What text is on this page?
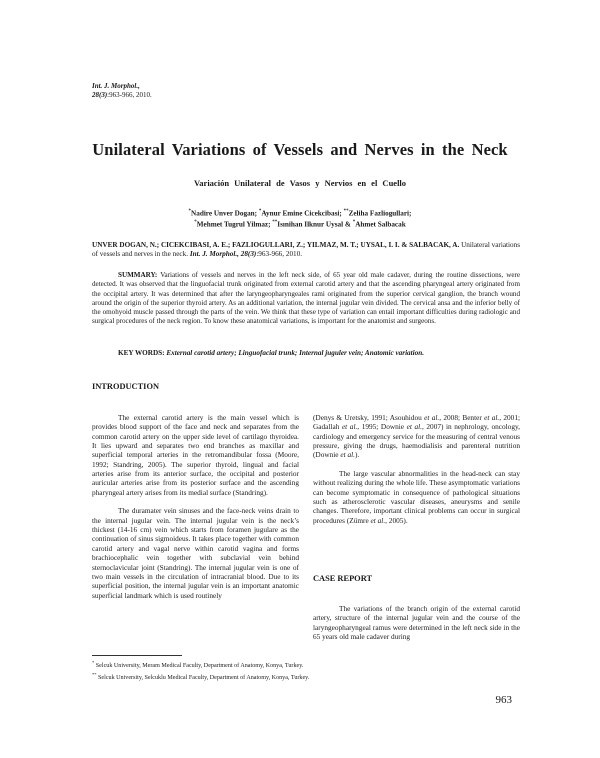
Int. J. Morphol.,
28(3):963-966, 2010.
Unilateral Variations of Vessels and Nerves in the Neck
Variación Unilateral de Vasos y Nervios en el Cuello
*Nadire Unver Dogan; *Aynur Emine Cicekcibasi; **Zeliha Fazliogullari;
*Mehmet Tugrul Yilmaz; **Isınihan Ilknur Uysal & *Ahmet Salbacak
UNVER DOGAN, N.; CICEKCIBASI, A. E.; FAZLIOGULLARI, Z.; YILMAZ, M. T.; UYSAL, I. I. & SALBACAK, A. Unilateral variations of vessels and nerves in the neck. Int. J. Morphol., 28(3):963-966, 2010.
SUMMARY: Variations of vessels and nerves in the left neck side, of 65 year old male cadaver, during the routine dissections, were detected. It was observed that the linguofacial trunk originated from external carotid artery and that the ascending pharyngeal artery originated from the occipital artery. It was determined that after the laryngeopharyngeales rami originated from the superior cervical ganglion, the branch wound around the origin of the superior thyroid artery. As an additional variation, the internal jugular vein divided. The cervical ansa and the inferior belly of the omohyoid muscle passed through the parts of the vein. We think that these type of variation can entail important difficulties during radiologic and surgical procedures of the neck region. To know these anatomical variations, is important for the anatomist and surgeons.
KEY WORDS: External carotid artery; Linguofacial trunk; Internal juguler vein; Anatomic variation.
INTRODUCTION

The external carotid artery is the main vessel which is provides blood support of the face and neck and separates from the common carotid artery on the upper side level of cartilago thyroidea. It lies upward and separates two end branches as maxillar and superficial temporal arteries in the retromandibular fossa (Moore, 1992; Standring, 2005). The superior thyroid, lingual and facial arteries arise from its anterior surface, the occipital and posterior auricular arteries arise from its posterior surface and the ascending pharyngeal artery arises from its medial surface (Standring).

The duramater vein sinuses and the face-neck veins drain to the internal jugular vein. The internal jugular vein is the neck’s thickest (14-16 cm) vein which starts from foramen jugulare as the continuation of sinus sigmoideus. It takes place together with common carotid artery and vagal nerve within carotid vagina and forms brachiocephalic vein together with subclavial vein behind sternoclavicular joint (Standring). The internal jugular vein is one of two main vessels in the circulation of intracranial blood. Due to its superficial position, the internal jugular vein is an important anatomic superficial landmark which is used routinely

(Denys & Uretsky, 1991; Asouhidou et al., 2008; Benter et al., 2001; Gadallah et al., 1995; Downie et al., 2007) in nephrology, oncology, cardiology and emergency service for the measuring of central venous pressure, giving the drugs, haemodialisis and parenteral nutrition (Downie et al.).

The large vascular abnormalities in the head-neck can stay without realizing during the whole life. These asymptomatic variations can become symptomatic in consequence of pathological situations such as atherosclerotic vascular diseases, aneurysms and senile changes. Therefore, important clinical problems can occur in surgical procedures (Zümre et al., 2005).

CASE REPORT

The variations of the branch origin of the external carotid artery, structure of the internal jugular vein and the course of the laryngeopharyngeal ramus were determined in the left neck side in the 65 years old male cadaver during

* Selcuk University, Meram Medical Faculty, Department of Anatomy, Konya, Turkey.
** Selcuk University, Selcuklu Medical Faculty, Department of Anatomy, Konya, Turkey.
963
